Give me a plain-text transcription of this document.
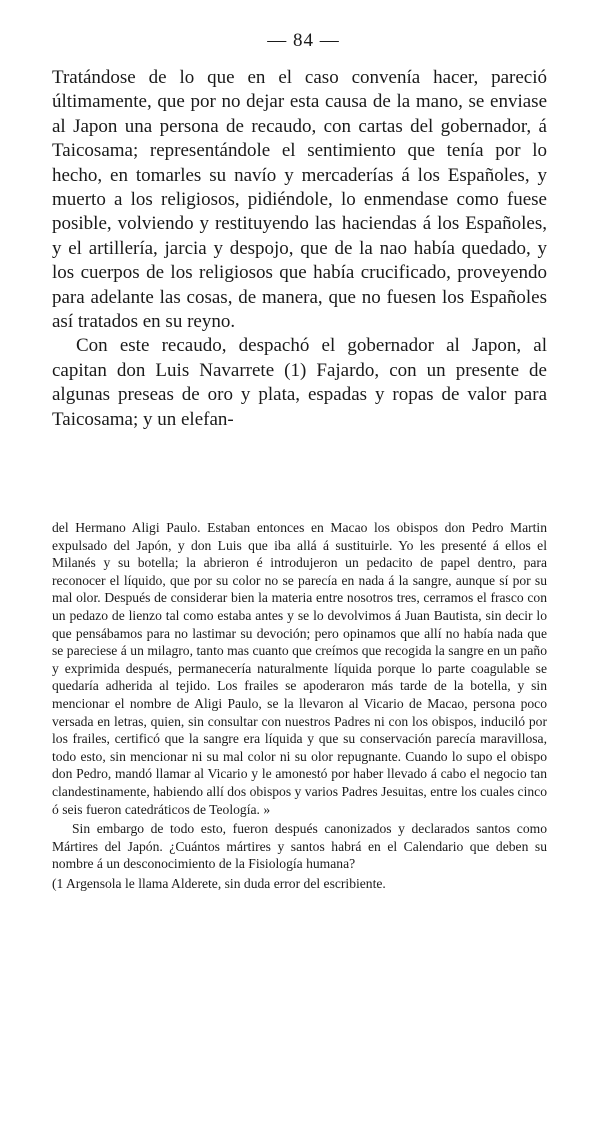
— 84 —

Tratándose de lo que en el caso convenía hacer, pareció últimamente, que por no dejar esta causa de la mano, se enviase al Japon una persona de recaudo, con cartas del gobernador, á Taicosama; representándole el sentimiento que tenía por lo hecho, en tomarles su navío y mercaderías á los Españoles, y muerto a los religiosos, pidiéndole, lo enmendase como fuese posible, volviendo y restituyendo las haciendas á los Españoles, y el artillería, jarcia y despojo, que de la nao había quedado, y los cuerpos de los religiosos que había crucificado, proveyendo para adelante las cosas, de manera, que no fuesen los Españoles así tratados en su reyno.

Con este recaudo, despachó el gobernador al Japon, al capitan don Luis Navarrete (1) Fajardo, con un presente de algunas preseas de oro y plata, espadas y ropas de valor para Taicosama; y un elefan-

del Hermano Aligi Paulo. Estaban entonces en Macao los obispos don Pedro Martin expulsado del Japón, y don Luis que iba allá á sustituirle. Yo les presenté á ellos el Milanés y su botella; la abrieron é introdujeron un pedacito de papel dentro, para reconocer el líquido, que por su color no se parecía en nada á la sangre, aunque sí por su mal olor. Después de considerar bien la materia entre nosotros tres, cerramos el frasco con un pedazo de lienzo tal como estaba antes y se lo devolvimos á Juan Bautista, sin decir lo que pensábamos para no lastimar su devoción; pero opinamos que allí no había nada que se pareciese á un milagro, tanto mas cuanto que creímos que recogida la sangre en un paño y exprimida después, permanecería naturalmente líquida porque lo parte coagulable se quedaría adherida al tejido. Los frailes se apoderaron más tarde de la botella, y sin mencionar el nombre de Aligi Paulo, se la llevaron al Vicario de Macao, persona poco versada en letras, quien, sin consultar con nuestros Padres ni con los obispos, induciló por los frailes, certificó que la sangre era líquida y que su conservación parecía maravillosa, todo esto, sin mencionar ni su mal color ni su olor repugnante. Cuando lo supo el obispo don Pedro, mandó llamar al Vicario y le amonestó por haber llevado á cabo el negocio tan clandestinamente, habiendo allí dos obispos y varios Padres Jesuitas, entre los cuales cinco ó seis fueron catedráticos de Teología. »

Sin embargo de todo esto, fueron después canonizados y declarados santos como Mártires del Japón. ¿Cuántos mártires y santos habrá en el Calendario que deben su nombre á un desconocimiento de la Fisiología humana?

(1 Argensola le llama Alderete, sin duda error del escribiente.
